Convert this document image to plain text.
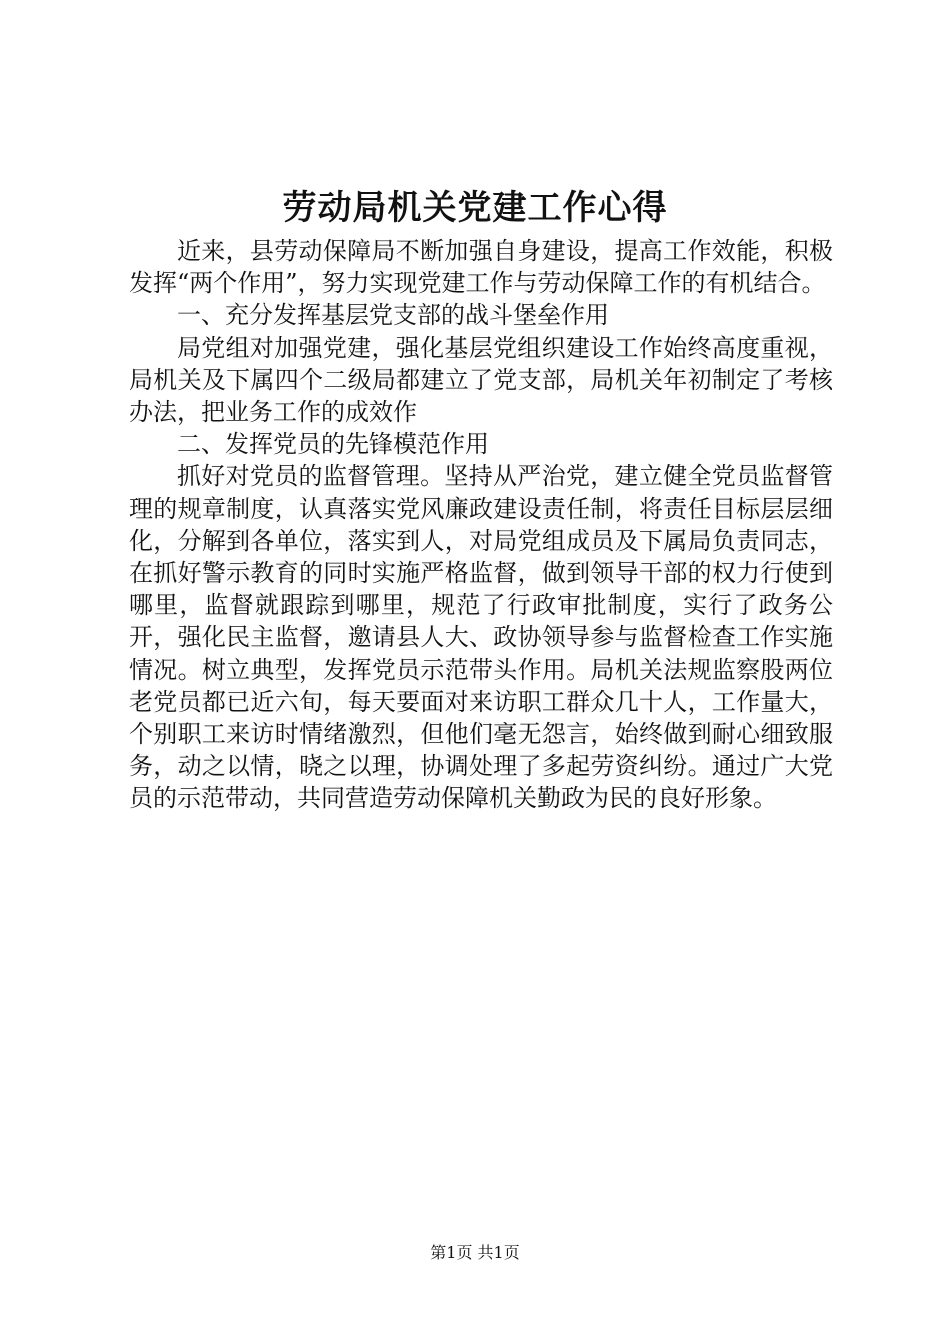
劳动局机关党建工作心得

近来，县劳动保障局不断加强自身建设，提高工作效能，积极发挥“两个作用”，努力实现党建工作与劳动保障工作的有机结合。

一、充分发挥基层党支部的战斗堡垒作用

局党组对加强党建，强化基层党组织建设工作始终高度重视，局机关及下属四个二级局都建立了党支部，局机关年初制定了考核办法，把业务工作的成效作

二、发挥党员的先锋模范作用

抓好对党员的监督管理。坚持从严治党，建立健全党员监督管理的规章制度，认真落实党风廉政建设责任制，将责任目标层层细化，分解到各单位，落实到人，对局党组成员及下属局负责同志，在抓好警示教育的同时实施严格监督，做到领导干部的权力行使到哪里，监督就跟踪到哪里，规范了行政审批制度，实行了政务公开，强化民主监督，邀请县人大、政协领导参与监督检查工作实施情况。树立典型，发挥党员示范带头作用。局机关法规监察股两位老党员都已近六旬，每天要面对来访职工群众几十人，工作量大，个别职工来访时情绪激烈，但他们毫无怨言，始终做到耐心细致服务，动之以情，晓之以理，协调处理了多起劳资纠纷。通过广大党员的示范带动，共同营造劳动保障机关勤政为民的良好形象。

第1页 共1页
